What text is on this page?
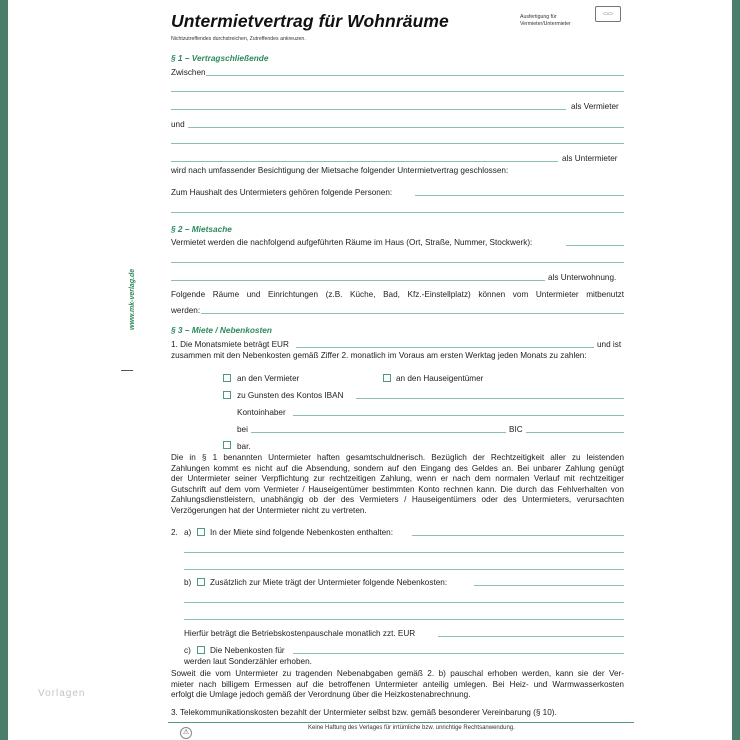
www.mk-verlag.de
Vorlagen
Untermietvertrag für Wohnräume
Nichtzutreffendes durchstreichen, Zutreffendes ankreuzen.
Ausfertigung für
Vermieter/Untermieter
▭▭
§ 1 – Vertragschließende
Zwischen
als Vermieter
und
als Untermieter
wird nach umfassender Besichtigung der Mietsache folgender Untermietvertrag geschlossen:
Zum Haushalt des Untermieters gehören folgende Personen:
§ 2 – Mietsache
Vermietet werden die nachfolgend aufgeführten Räume im Haus (Ort, Straße, Nummer, Stockwerk):
als Unterwohnung.
Folgende Räume und Einrichtungen (z.B. Küche, Bad, Kfz.-Einstellplatz) können vom Untermieter mitbenutzt
werden:
§ 3 – Miete / Nebenkosten
1. Die Monatsmiete beträgt EUR	und ist
zusammen mit den Nebenkosten gemäß Ziffer 2. monatlich im Voraus am ersten Werktag jeden Monats zu zahlen:
an den Vermieter	an den Hauseigentümer
zu Gunsten des Kontos IBAN
Kontoinhaber
bei	BIC
bar.
Die in § 1 benannten Untermieter haften gesamtschuldnerisch. Bezüglich der Rechtzeitigkeit aller zu leistenden
Zahlungen kommt es nicht auf die Absendung, sondern auf den Eingang des Geldes an. Bei unbarer Zahlung genügt
der Untermieter seiner Verpflichtung zur rechtzeitigen Zahlung, wenn er nach dem normalen Verlauf mit rechtzeitiger
Gutschrift auf dem vom Vermieter / Hauseigentümer bestimmten Konto rechnen kann. Die durch das Fehlverhalten von
Zahlungsdienstleistern, unabhängig ob der des Vermieters / Hauseigentümers oder des Untermieters, verursachten
Verzögerungen hat der Untermieter nicht zu vertreten.
2. a) In der Miete sind folgende Nebenkosten enthalten:
b) Zusätzlich zur Miete trägt der Untermieter folgende Nebenkosten:
Hierfür beträgt die Betriebskostenpauschale monatlich zzt. EUR
c) Die Nebenkosten für
werden laut Sonderzähler erhoben.
Soweit die vom Untermieter zu tragenden Nebenabgaben gemäß 2. b) pauschal erhoben werden, kann sie der Ver-
mieter nach billigem Ermessen auf die betroffenen Untermieter anteilig umlegen. Bei Heiz- und Warmwasserkosten
erfolgt die Umlage jedoch gemäß der Verordnung über die Heizkostenabrechnung.
3. Telekommunikationskosten bezahlt der Untermieter selbst bzw. gemäß besonderer Vereinbarung (§ 10).
⚠
Keine Haftung des Verlages für irrtümliche bzw. unrichtige Rechtsanwendung.
